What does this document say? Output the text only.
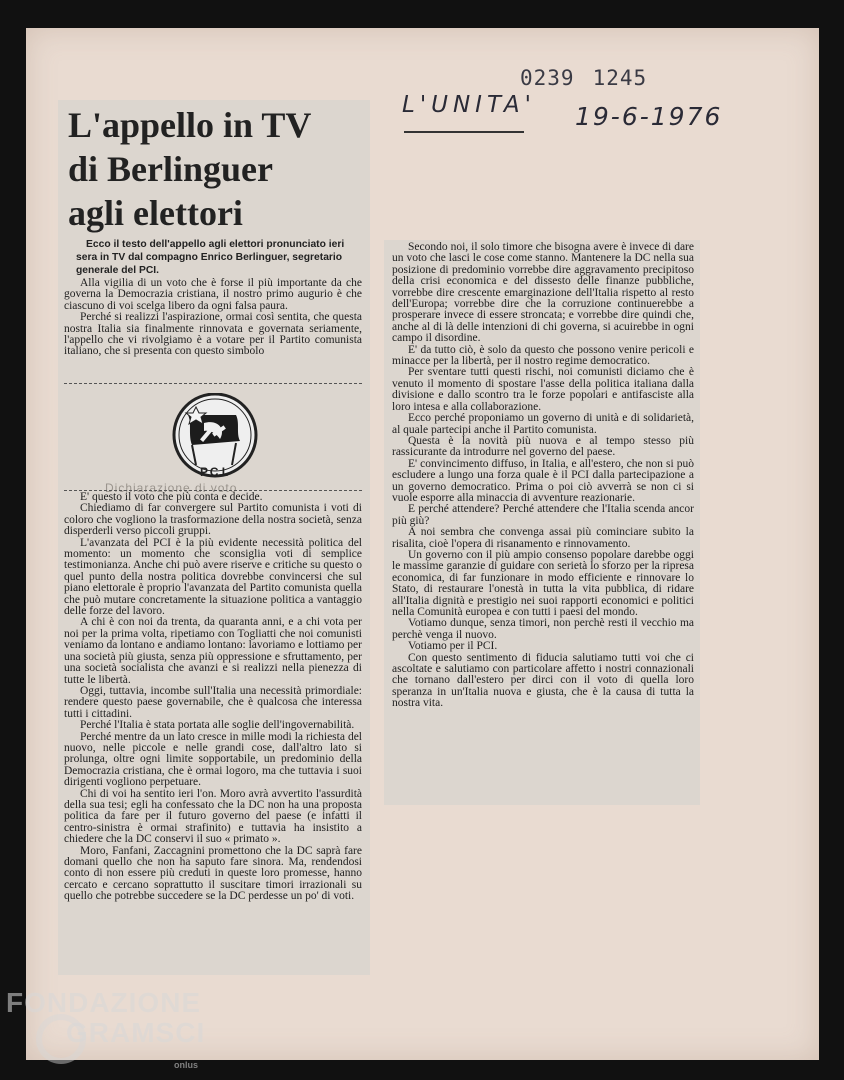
0239 1245
L'UNITA' 19-6-1976
L'appello in TV
di Berlinguer
agli elettori
Ecco il testo dell'appello agli elettori pronunciato ieri sera in TV dal compagno Enrico Berlinguer, segretario generale del PCI.

Alla vigilia di un voto che è forse il più importante da che governa la Democrazia cristiana, il nostro primo augurio è che ciascuno di voi scelga libero da ogni falsa paura.

Perché si realizzi l'aspirazione, ormai così sentita, che questa nostra Italia sia finalmente rinnovata e governata seriamente, l'appello che vi rivolgiamo è a votare per il Partito comunista italiano, che si presenta con questo simbolo

P.C.I.
Dichiarazione di voto

E' questo il voto che più conta e decide.

Chiediamo di far convergere sul Partito comunista i voti di coloro che vogliono la trasformazione della nostra società, senza disperderli verso piccoli gruppi.

L'avanzata del PCI è la più evidente necessità politica del momento: un momento che sconsiglia voti di semplice testimonianza. Anche chi può avere riserve e critiche su questo o quel punto della nostra politica dovrebbe convincersi che sul piano elettorale è proprio l'avanzata del Partito comunista quella che può mutare concretamente la situazione politica a vantaggio delle forze del lavoro.

A chi è con noi da trenta, da quaranta anni, e a chi vota per noi per la prima volta, ripetiamo con Togliatti che noi comunisti veniamo da lontano e andiamo lontano: lavoriamo e lottiamo per una società più giusta, senza più oppressione e sfruttamento, per una società socialista che avanzi e si realizzi nella pienezza di tutte le libertà.

Oggi, tuttavia, incombe sull'Italia una necessità primordiale: rendere questo paese governabile, che è qualcosa che interessa tutti i cittadini.

Perché l'Italia è stata portata alle soglie dell'ingovernabilità.

Perché mentre da un lato cresce in mille modi la richiesta del nuovo, nelle piccole e nelle grandi cose, dall'altro lato si prolunga, oltre ogni limite sopportabile, un predominio della Democrazia cristiana, che è ormai logoro, ma che tuttavia i suoi dirigenti vogliono perpetuare.

Chi di voi ha sentito ieri l'on. Moro avrà avvertito l'assurdità della sua tesi; egli ha confessato che la DC non ha una proposta politica da fare per il futuro governo del paese (e infatti il centro-sinistra è ormai strafinito) e tuttavia ha insistito a chiedere che la DC conservi il suo « primato ».

Moro, Fanfani, Zaccagnini promettono che la DC saprà fare domani quello che non ha saputo fare sinora. Ma, rendendosi conto di non essere più creduti in queste loro promesse, hanno cercato e cercano soprattutto il suscitare timori irrazionali su quello che potrebbe succedere se la DC perdesse un po' di voti.

Secondo noi, il solo timore che bisogna avere è invece di dare un voto che lasci le cose come stanno. Mantenere la DC nella sua posizione di predominio vorrebbe dire aggravamento precipitoso della crisi economica e del dissesto delle finanze pubbliche, vorrebbe dire crescente emarginazione dell'Italia rispetto al resto dell'Europa; vorrebbe dire che la corruzione continuerebbe a prosperare invece di essere stroncata; e vorrebbe dire quindi che, anche al di là delle intenzioni di chi governa, si acuirebbe in ogni campo il disordine.

E' da tutto ciò, è solo da questo che possono venire pericoli e minacce per la libertà, per il nostro regime democratico.

Per sventare tutti questi rischi, noi comunisti diciamo che è venuto il momento di spostare l'asse della politica italiana dalla divisione e dallo scontro tra le forze popolari e antifasciste alla loro intesa e alla collaborazione.

Ecco perché proponiamo un governo di unità e di solidarietà, al quale partecipi anche il Partito comunista.

Questa è la novità più nuova e al tempo stesso più rassicurante da introdurre nel governo del paese.

E' convincimento diffuso, in Italia, e all'estero, che non si può escludere a lungo una forza quale è il PCI dalla partecipazione a un governo democratico. Prima o poi ciò avverrà se non ci si vuole esporre alla minaccia di avventure reazionarie.

E perché attendere? Perché attendere che l'Italia scenda ancor più giù?

A noi sembra che convenga assai più cominciare subito la risalita, cioè l'opera di risanamento e rinnovamento.

Un governo con il più ampio consenso popolare darebbe oggi le massime garanzie di guidare con serietà lo sforzo per la ripresa economica, di far funzionare in modo efficiente e rinnovare lo Stato, di restaurare l'onestà in tutta la vita pubblica, di ridare all'Italia dignità e prestigio nei suoi rapporti economici e politici nella Comunità europea e con tutti i paesi del mondo.

Votiamo dunque, senza timori, non perchè resti il vecchio ma perchè venga il nuovo.

Votiamo per il PCI.

Con questo sentimento di fiducia salutiamo tutti voi che ci ascoltate e salutiamo con particolare affetto i nostri connazionali che tornano dall'estero per dirci con il voto di quella loro speranza in un'Italia nuova e giusta, che è la causa di tutta la nostra vita.

FONDAZIONE
GRAMSCI
onlus
